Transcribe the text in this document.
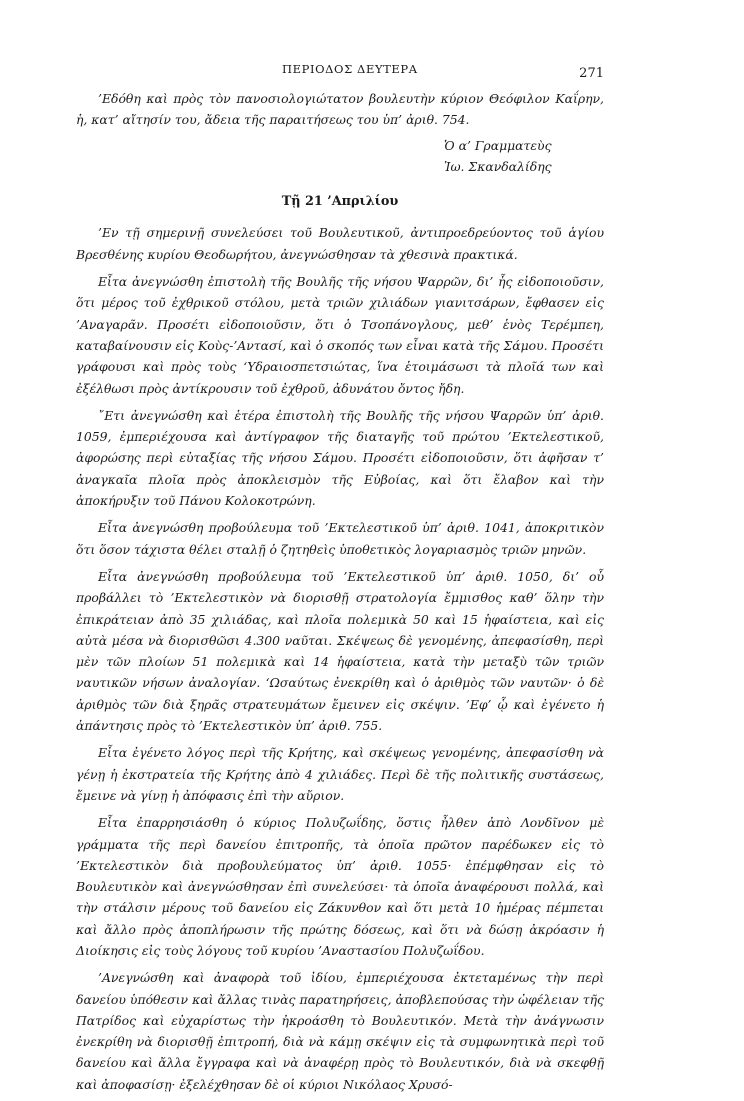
ΠΕΡΙΟΔΟΣ ΔΕΥΤΕΡΑ	271

’Εδόθη καὶ πρὸς τὸν πανοσιολογιώτατον βουλευτὴν κύριον Θεόφιλον Καΐρην, ἡ, κατ’ αἴτησίν του, ἄδεια τῆς παραιτήσεως του ὑπ’ ἀριθ. 754.

Ὁ α’ Γραμματεὺς
Ἰω. Σκανδαλίδης
Τῇ 21 ’Απριλίου

’Εν τῇ σημερινῇ συνελεύσει τοῦ Βουλευτικοῦ, ἀντιπροεδρεύοντος τοῦ ἁγίου Βρεσθένης κυρίου Θεοδωρήτου, ἀνεγνώσθησαν τὰ χθεσινὰ πρακτικά.

Εἶτα ἀνεγνώσθη ἐπιστολὴ τῆς Βουλῆς τῆς νήσου Ψαρρῶν, δι’ ἧς εἰδοποιοῦσιν, ὅτι μέρος τοῦ ἐχθρικοῦ στόλου, μετὰ τριῶν χιλιάδων γιανιτσάρων, ἔφθασεν εἰς ’Αναγαρᾶν. Προσέτι εἰδοποιοῦσιν, ὅτι ὁ Τσοπάνογλους, μεθ’ ἑνὸς Τερέμπεη, καταβαίνουσιν εἰς Κοὺς-’Αντασί, καὶ ὁ σκοπός των εἶναι κατὰ τῆς Σάμου. Προσέτι γράφουσι καὶ πρὸς τοὺς ‘Υδραιοσπετσιώτας, ἵνα ἑτοιμάσωσι τὰ πλοῖά των καὶ ἐξέλθωσι πρὸς ἀντίκρουσιν τοῦ ἐχθροῦ, ἀδυνάτου ὄντος ἤδη.

῎Ετι ἀνεγνώσθη καὶ ἑτέρα ἐπιστολὴ τῆς Βουλῆς τῆς νήσου Ψαρρῶν ὑπ’ ἀριθ. 1059, ἐμπεριέχουσα καὶ ἀντίγραφον τῆς διαταγῆς τοῦ πρώτου ’Εκτελεστικοῦ, ἀφορώσης περὶ εὐταξίας τῆς νήσου Σάμου. Προσέτι εἰδοποιοῦσιν, ὅτι ἀφῆσαν τ’ ἀναγκαῖα πλοῖα πρὸς ἀποκλεισμὸν τῆς Εὐβοίας, καὶ ὅτι ἔλαβον καὶ τὴν ἀποκήρυξιν τοῦ Πάνου Κολοκοτρώνη.

Εἶτα ἀνεγνώσθη προβούλευμα τοῦ ’Εκτελεστικοῦ ὑπ’ ἀριθ. 1041, ἀποκριτικὸν ὅτι ὅσον τάχιστα θέλει σταλῇ ὁ ζητηθεὶς ὑποθετικὸς λογαριασμὸς τριῶν μηνῶν.

Εἶτα ἀνεγνώσθη προβούλευμα τοῦ ’Εκτελεστικοῦ ὑπ’ ἀριθ. 1050, δι’ οὗ προβάλλει τὸ ’Εκτελεστικὸν νὰ διορισθῇ στρατολογία ἔμμισθος καθ’ ὅλην τὴν ἐπικράτειαν ἀπὸ 35 χιλιάδας, καὶ πλοῖα πολεμικὰ 50 καὶ 15 ἡφαίστεια, καὶ εἰς αὐτὰ μέσα νὰ διορισθῶσι 4.300 ναῦται. Σκέψεως δὲ γενομένης, ἀπεφασίσθη, περὶ μὲν τῶν πλοίων 51 πολεμικὰ καὶ 14 ἡφαίστεια, κατὰ τὴν μεταξὺ τῶν τριῶν ναυτικῶν νήσων ἀναλογίαν. ‘Ωσαύτως ἐνεκρίθη καὶ ὁ ἀριθμὸς τῶν ναυτῶν· ὁ δὲ ἀριθμὸς τῶν διὰ ξηρᾶς στρατευμάτων ἔμεινεν εἰς σκέψιν. ’Εφ’ ᾧ καὶ ἐγένετο ἡ ἀπάντησις πρὸς τὸ ’Εκτελεστικὸν ὑπ’ ἀριθ. 755.

Εἶτα ἐγένετο λόγος περὶ τῆς Κρήτης, καὶ σκέψεως γενομένης, ἀπεφασίσθη νὰ γένῃ ἡ ἐκστρατεία τῆς Κρήτης ἀπὸ 4 χιλιάδες. Περὶ δὲ τῆς πολιτικῆς συστάσεως, ἔμεινε νὰ γίνῃ ἡ ἀπόφασις ἐπὶ τὴν αὔριον.

Εἶτα ἐπαρρησιάσθη ὁ κύριος Πολυζωΐδης, ὅστις ἦλθεν ἀπὸ Λονδῖνον μὲ γράμματα τῆς περὶ δανείου ἐπιτροπῆς, τὰ ὁποῖα πρῶτον παρέδωκεν εἰς τὸ ’Εκτελεστικὸν διὰ προβουλεύματος ὑπ’ ἀριθ. 1055· ἐπέμφθησαν εἰς τὸ Βουλευτικὸν καὶ ἀνεγνώσθησαν ἐπὶ συνελεύσει· τὰ ὁποῖα ἀναφέρουσι πολλά, καὶ τὴν στάλσιν μέρους τοῦ δανείου εἰς Ζάκυνθον καὶ ὅτι μετὰ 10 ἡμέρας πέμπεται καὶ ἄλλο πρὸς ἀποπλήρωσιν τῆς πρώτης δόσεως, καὶ ὅτι νὰ δώσῃ ἀκρόασιν ἡ Διοίκησις εἰς τοὺς λόγους τοῦ κυρίου ’Αναστασίου Πολυζωΐδου.

’Ανεγνώσθη καὶ ἀναφορὰ τοῦ ἰδίου, ἐμπεριέχουσα ἐκτεταμένως τὴν περὶ δανείου ὑπόθεσιν καὶ ἄλλας τινὰς παρατηρήσεις, ἀποβλεπούσας τὴν ὠφέλειαν τῆς Πατρίδος καὶ εὐχαρίστως τὴν ἠκροάσθη τὸ Βουλευτικόν. Μετὰ τὴν ἀνάγνωσιν ἐνεκρίθη νὰ διορισθῇ ἐπιτροπή, διὰ νὰ κάμῃ σκέψιν εἰς τὰ συμφωνητικὰ περὶ τοῦ δανείου καὶ ἄλλα ἔγγραφα καὶ νὰ ἀναφέρῃ πρὸς τὸ Βουλευτικόν, διὰ νὰ σκεφθῇ καὶ ἀποφασίσῃ· ἐξελέχθησαν δὲ οἱ κύριοι Νικόλαος Χρυσό-
